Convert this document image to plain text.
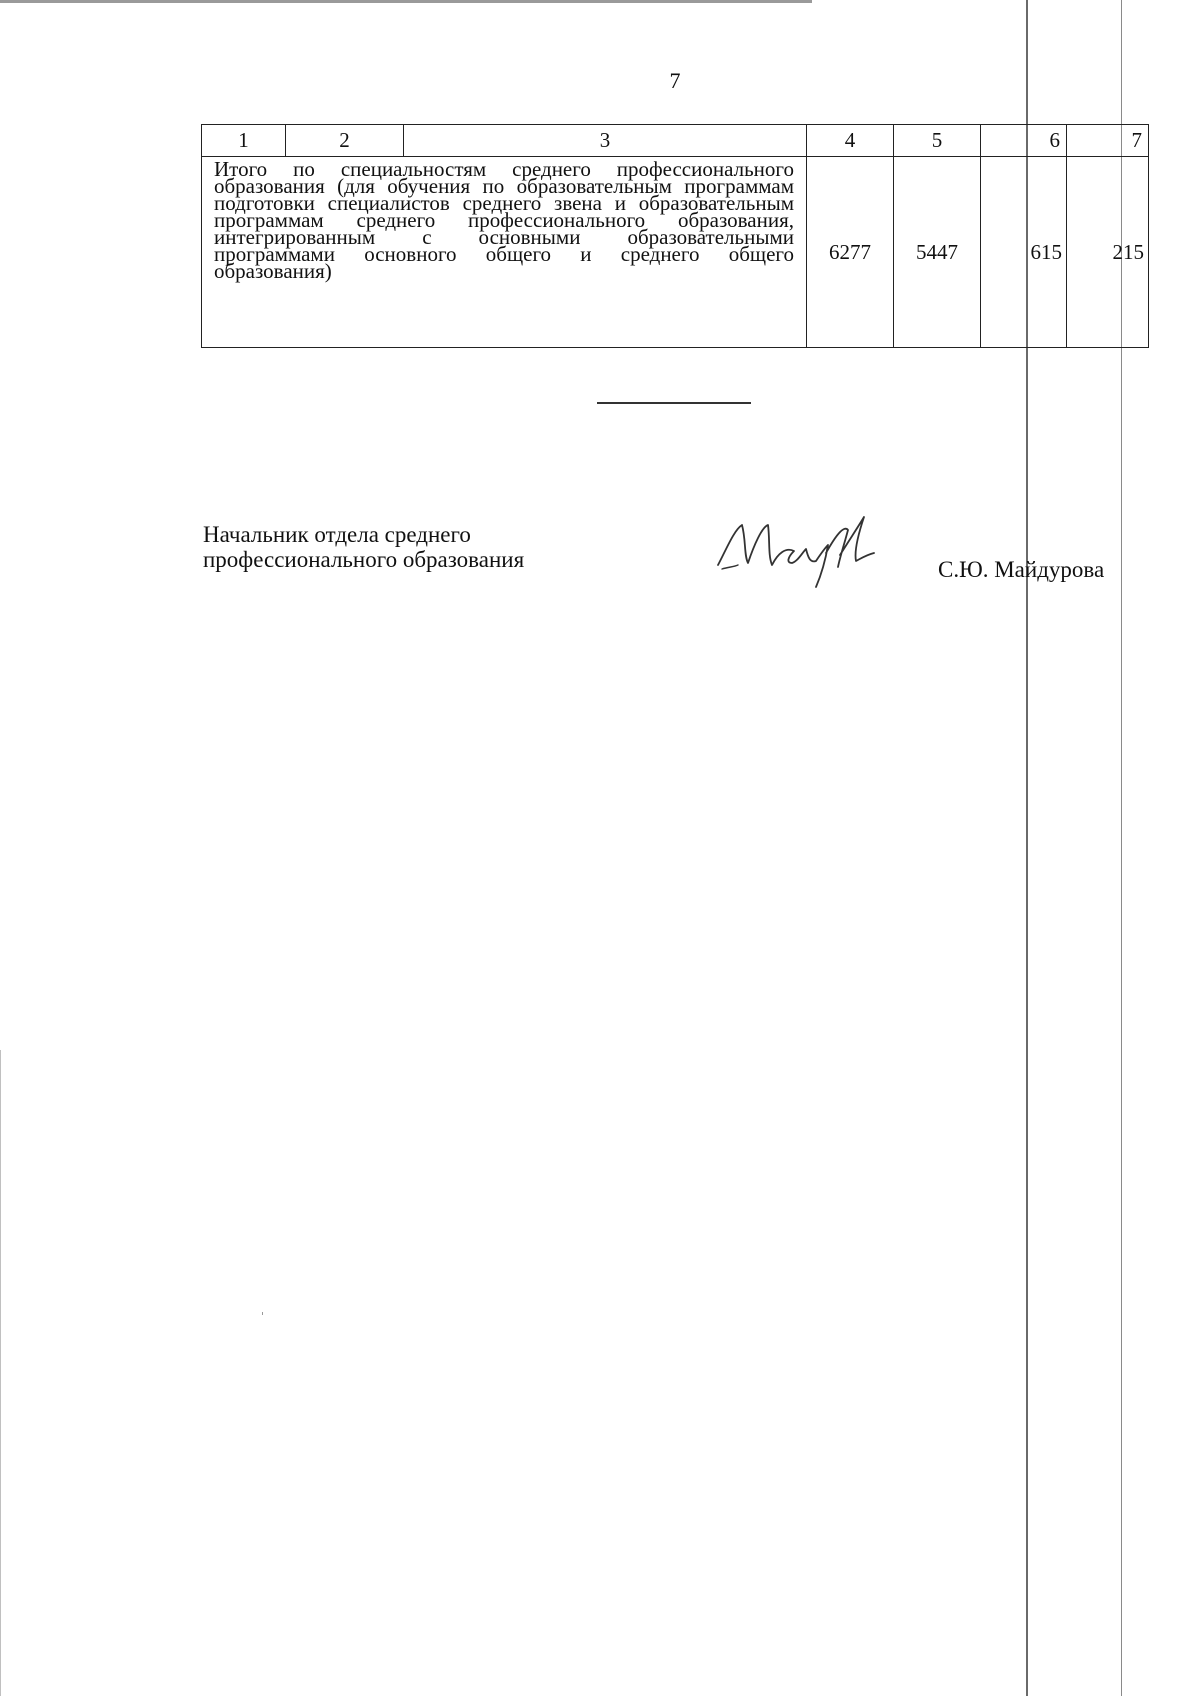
7
1	2	3	4	5	6	7
Итого по специальностям среднего профессионального образования (для обучения по образовательным программам подготовки специалистов среднего звена и образовательным программам среднего профессионального образования, интегрированным с основными образовательными программами основного общего и среднего общего образования)			6277	5447	615	215
Начальник отдела среднего
профессионального образования	С.Ю. Майдурова
